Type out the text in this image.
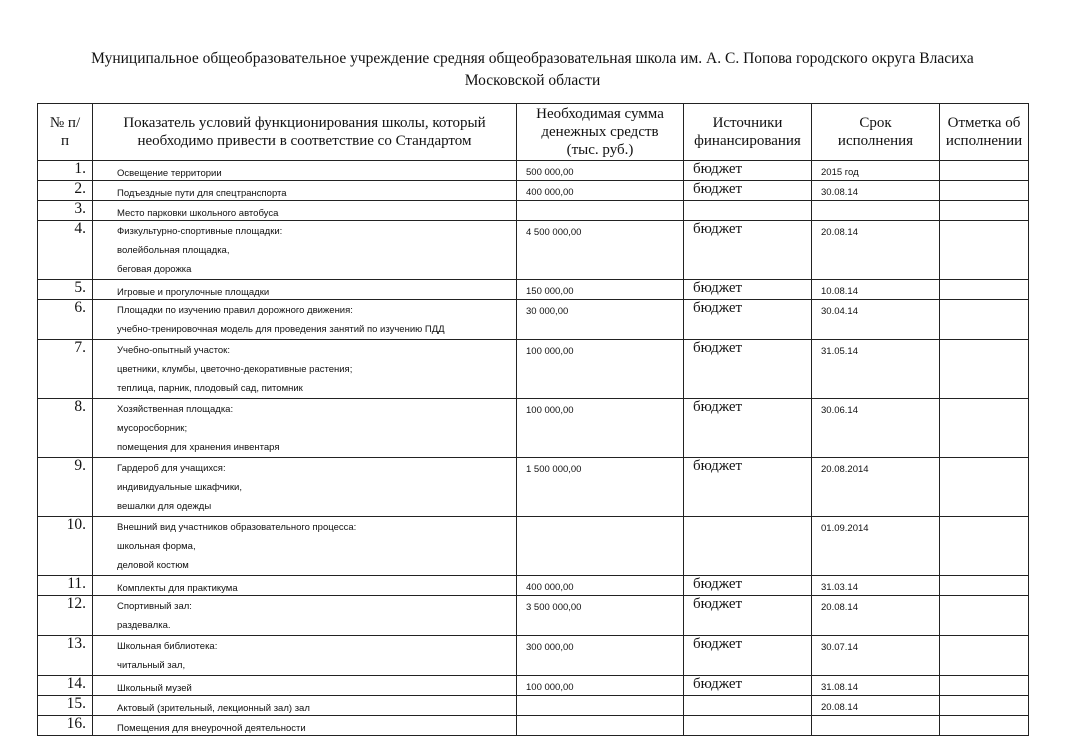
Муниципальное общеобразовательное учреждение средняя общеобразовательная школа им. А. С. Попова городского округа Власиха
Московской области
№ п/п	Показатель условий функционирования школы, который необходимо привести в соответствие со Стандартом	Необходимая сумма денежных средств (тыс. руб.)	Источники финансирования	Срок исполнения	Отметка об исполнении
1.	Освещение территории	500 000,00	бюджет	2015 год	
2.	Подъездные пути для спецтранспорта	400 000,00	бюджет	30.08.14	
3.	Место парковки школьного автобуса				

4.	Физкультурно-спортивные площадки:
волейбольная площадка,
беговая дорожка	4 500 000,00	бюджет	20.08.14	
5.	Игровые и прогулочные площадки	150 000,00	бюджет	10.08.14	
6.	Площадки по изучению правил дорожного движения:
учебно-тренировочная модель для проведения занятий по изучению ПДД	30 000,00	бюджет	30.04.14	
7.	Учебно-опытный участок:
цветники, клумбы, цветочно-декоративные растения;
теплица, парник, плодовый сад, питомник	100 000,00	бюджет	31.05.14	
8.	Хозяйственная площадка:
мусоросборник;
помещения для хранения инвентаря	100 000,00	бюджет	30.06.14	
9.	Гардероб для учащихся:
индивидуальные шкафчики,
вешалки для одежды	1 500 000,00	бюджет	20.08.2014	
10.	Внешний вид участников образовательного процесса:
школьная форма,
деловой костюм			01.09.2014	
11.	Комплекты для практикума	400 000,00	бюджет	31.03.14	
12.	Спортивный зал:
раздевалка.	3 500 000,00	бюджет	20.08.14	
13.	Школьная библиотека:
читальный зал,	300 000,00	бюджет	30.07.14	
14.	Школьный музей	100 000,00	бюджет	31.08.14	
15.	Актовый (зрительный, лекционный зал) зал			20.08.14	
16.	Помещения для внеурочной деятельности				
